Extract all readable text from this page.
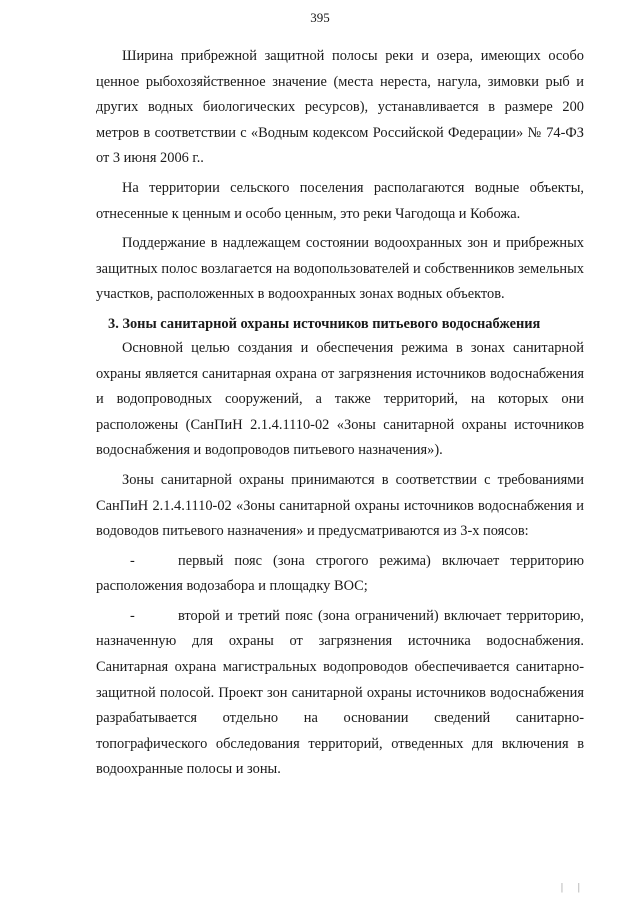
395

Ширина прибрежной защитной полосы реки и озера, имеющих особо ценное рыбохозяйственное значение (места нереста, нагула, зимовки рыб и других водных биологических ресурсов), устанавливается в размере 200 метров в соответствии с «Водным кодексом Российской Федерации» № 74-ФЗ от 3 июня 2006 г..

На территории сельского поселения располагаются водные объекты, отнесенные к ценным и особо ценным, это реки Чагодоща и Кобожа.

Поддержание в надлежащем состоянии водоохранных зон и прибрежных защитных полос возлагается на водопользователей и собственников земельных участков, расположенных в водоохранных зонах водных объектов.

3. Зоны санитарной охраны источников питьевого водоснабжения

Основной целью создания и обеспечения режима в зонах санитарной охраны является санитарная охрана от загрязнения источников водоснабжения и водопроводных сооружений, а также территорий, на которых они расположены (СанПиН 2.1.4.1110-02 «Зоны санитарной охраны источников водоснабжения и водопроводов питьевого назначения»).

Зоны санитарной охраны принимаются в соответствии с требованиями СанПиН 2.1.4.1110-02 «Зоны санитарной охраны источников водоснабжения и водоводов питьевого назначения» и предусматриваются из 3-х поясов:

-	первый пояс (зона строгого режима) включает территорию расположения водозабора и площадку ВОС;

-	второй и третий пояс (зона ограничений) включает территорию, назначенную для охраны от загрязнения источника водоснабжения. Санитарная охрана магистральных водопроводов обеспечивается санитарно-защитной полосой. Проект зон санитарной охраны источников водоснабжения разрабатывается отдельно на основании сведений санитарно-топографического обследования территорий, отведенных для включения в водоохранные полосы и зоны.

| |
